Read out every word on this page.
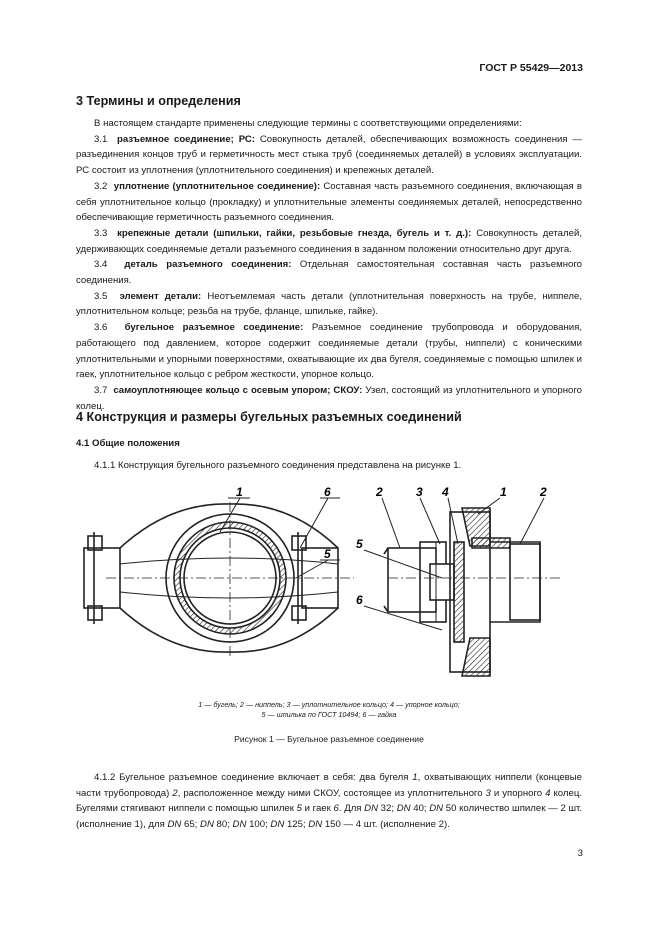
ГОСТ Р 55429—2013
3 Термины и определения

В настоящем стандарте применены следующие термины с соответствующими определениями:

3.1 разъемное соединение; РС: Совокупность деталей, обеспечивающих возможность соединения — разъединения концов труб и герметичность мест стыка труб (соединяемых деталей) в условиях эксплуатации. РС состоит из уплотнения (уплотнительного соединения) и крепежных деталей.

3.2 уплотнение (уплотнительное соединение): Составная часть разъемного соединения, включающая в себя уплотнительное кольцо (прокладку) и уплотнительные элементы соединяемых деталей, непосредственно обеспечивающие герметичность разъемного соединения.

3.3 крепежные детали (шпильки, гайки, резьбовые гнезда, бугель и т. д.): Совокупность деталей, удерживающих соединяемые детали разъемного соединения в заданном положении относительно друг друга.

3.4 деталь разъемного соединения: Отдельная самостоятельная составная часть разъемного соединения.

3.5 элемент детали: Неотъемлемая часть детали (уплотнительная поверхность на трубе, ниппеле, уплотнительном кольце; резьба на трубе, фланце, шпильке, гайке).

3.6 бугельное разъемное соединение: Разъемное соединение трубопровода и оборудования, работающего под давлением, которое содержит соединяемые детали (трубы, ниппели) с коническими уплотнительными и упорными поверхностями, охватывающие их два бугеля, соединяемые с помощью шпилек и гаек, уплотнительное кольцо с ребром жесткости, упорное кольцо.

3.7 самоуплотняющее кольцо с осевым упором; СКОУ: Узел, состоящий из уплотнительного и упорного колец.

4 Конструкция и размеры бугельных разъемных соединений
4.1 Общие положения

4.1.1 Конструкция бугельного разъемного соединения представлена на рисунке 1.

1	6
5
2	3 4	1	2
5
6
1 — бугель; 2 — ниппель; 3 — уплотнительное кольцо; 4 — упорное кольцо;
5 — шпилька по ГОСТ 10494; 6 — гайка
Рисунок 1 — Бугельное разъемное соединение

4.1.2 Бугельное разъемное соединение включает в себя: два бугеля 1, охватывающих ниппели (концевые части трубопровода) 2, расположенное между ними СКОУ, состоящее из уплотнительного 3 и упорного 4 колец. Бугелями стягивают ниппели с помощью шпилек 5 и гаек 6. Для DN 32; DN 40; DN 50 количество шпилек — 2 шт. (исполнение 1), для DN 65; DN 80; DN 100; DN 125; DN 150 — 4 шт. (исполнение 2).

3
